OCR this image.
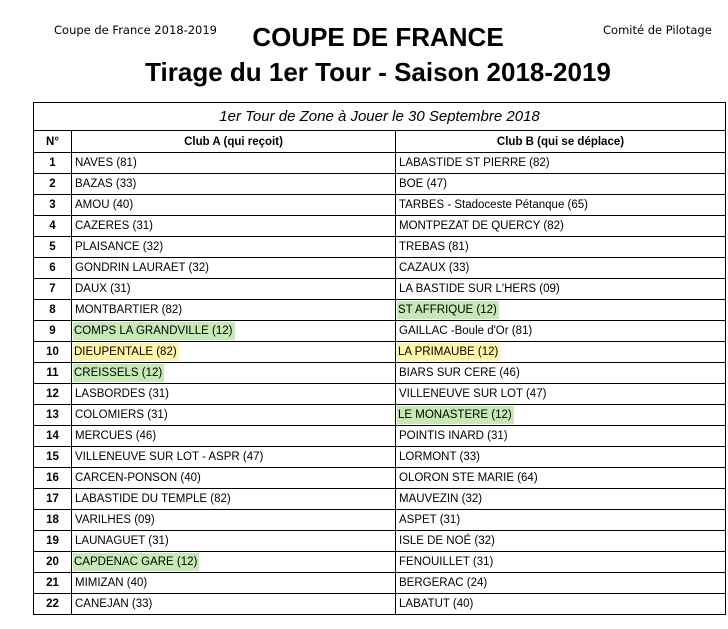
Coupe de France 2018-2019	Comité de Pilotage
COUPE DE FRANCE
Tirage du 1er Tour - Saison 2018-2019
1er Tour de Zone à Jouer le 30 Septembre 2018		
N°	Club A (qui reçoit)	Club B (qui se déplace)
1	NAVES (81)	LABASTIDE ST PIERRE (82)
2	BAZAS (33)	BOE (47)
3	AMOU (40)	TARBES - Stadoceste Pétanque (65)
4	CAZERES (31)	MONTPEZAT DE QUERCY (82)
5	PLAISANCE (32)	TREBAS (81)
6	GONDRIN LAURAET (32)	CAZAUX (33)
7	DAUX (31)	LA BASTIDE SUR L'HERS (09)
8	MONTBARTIER (82)	ST AFFRIQUE (12)
9	COMPS LA GRANDVILLE (12)	GAILLAC -Boule d'Or (81)
10	DIEUPENTALE (82)	LA PRIMAUBE (12)
11	CREISSELS (12)	BIARS SUR CERE (46)
12	LASBORDES (31)	VILLENEUVE SUR LOT (47)
13	COLOMIERS (31)	LE MONASTERE (12)
14	MERCUES (46)	POINTIS INARD (31)
15	VILLENEUVE SUR LOT - ASPR (47)	LORMONT (33)
16	CARCEN-PONSON (40)	OLORON STE MARIE (64)
17	LABASTIDE DU TEMPLE (82)	MAUVEZIN (32)
18	VARILHES (09)	ASPET (31)
19	LAUNAGUET (31)	ISLE DE NOÉ (32)
20	CAPDENAC GARE (12)	FENOUILLET (31)
21	MIMIZAN (40)	BERGERAC (24)
22	CANEJAN (33)	LABATUT (40)
